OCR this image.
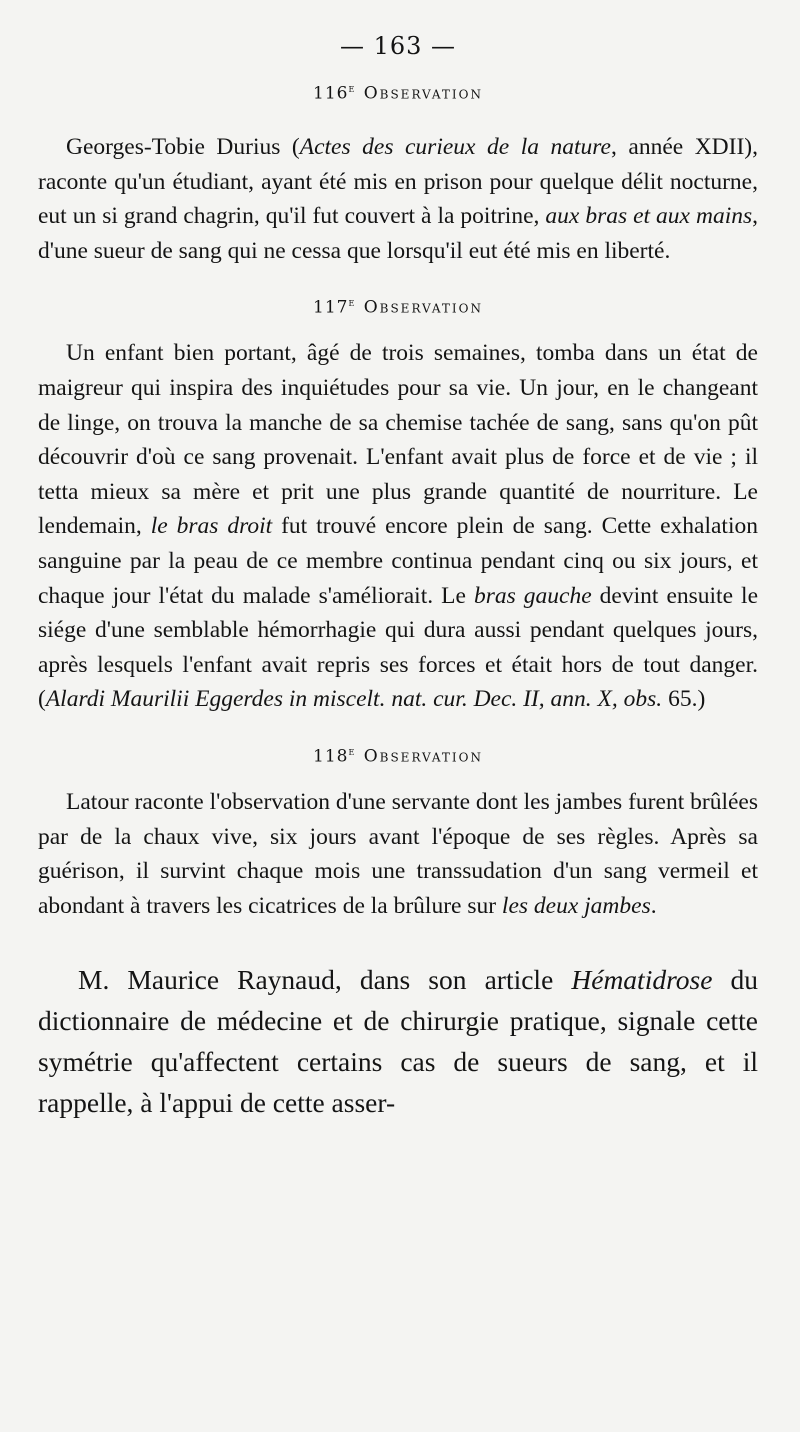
— 163 —
116e Observation

Georges-Tobie Durius (Actes des curieux de la nature, année XDII), raconte qu'un étudiant, ayant été mis en prison pour quelque délit nocturne, eut un si grand chagrin, qu'il fut couvert à la poitrine, aux bras et aux mains, d'une sueur de sang qui ne cessa que lorsqu'il eut été mis en liberté.

117e Observation

Un enfant bien portant, âgé de trois semaines, tomba dans un état de maigreur qui inspira des inquiétudes pour sa vie. Un jour, en le changeant de linge, on trouva la manche de sa chemise tachée de sang, sans qu'on pût découvrir d'où ce sang provenait. L'enfant avait plus de force et de vie ; il tetta mieux sa mère et prit une plus grande quantité de nourriture. Le lendemain, le bras droit fut trouvé encore plein de sang. Cette exhalation sanguine par la peau de ce membre continua pendant cinq ou six jours, et chaque jour l'état du malade s'améliorait. Le bras gauche devint ensuite le siége d'une semblable hémorrhagie qui dura aussi pendant quelques jours, après lesquels l'enfant avait repris ses forces et était hors de tout danger. (Alardi Maurilii Eggerdes in miscelt. nat. cur. Dec. II, ann. X, obs. 65.)

118e Observation

Latour raconte l'observation d'une servante dont les jambes furent brûlées par de la chaux vive, six jours avant l'époque de ses règles. Après sa guérison, il survint chaque mois une transsudation d'un sang vermeil et abondant à travers les cicatrices de la brûlure sur les deux jambes.

M. Maurice Raynaud, dans son article Hématidrose du dictionnaire de médecine et de chirurgie pratique, signale cette symétrie qu'affectent certains cas de sueurs de sang, et il rappelle, à l'appui de cette asser-
